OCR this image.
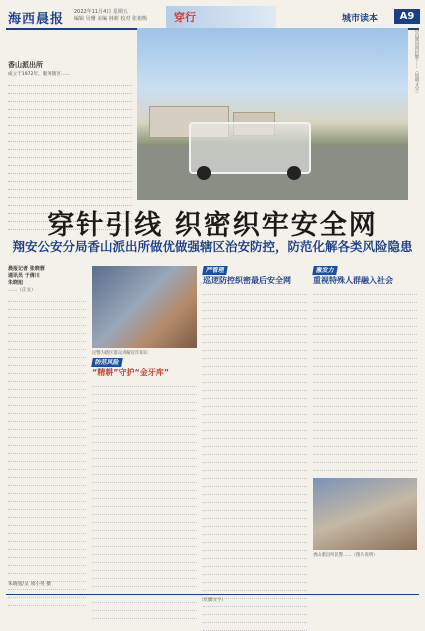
海西晨报 2022年11月4日 星期五
编辑 吴珊 美编 林莉 校对 张祖衡 穿行	城市读本	A9
香山派出所
成立于1972年，服务辖区……	香山派出所民警……（说明文字）
穿针引线 织密织牢安全网
翔安公安分局香山派出所做优做强辖区治安防控，防范化解各类风险隐患
晨报记者 张晓蓉
通讯员 于倩川
朱晓旭
……（正文）
民警为辖区群众讲解反诈知识
防范风险
“精耕”守护“金牙库”
严管理
巡逻防控织密最后安全网
激发力
重视特殊人群融入社会
香山派出所民警……（图片说明）
朱晓旭/文 项小英 摄
（页脚文字）
